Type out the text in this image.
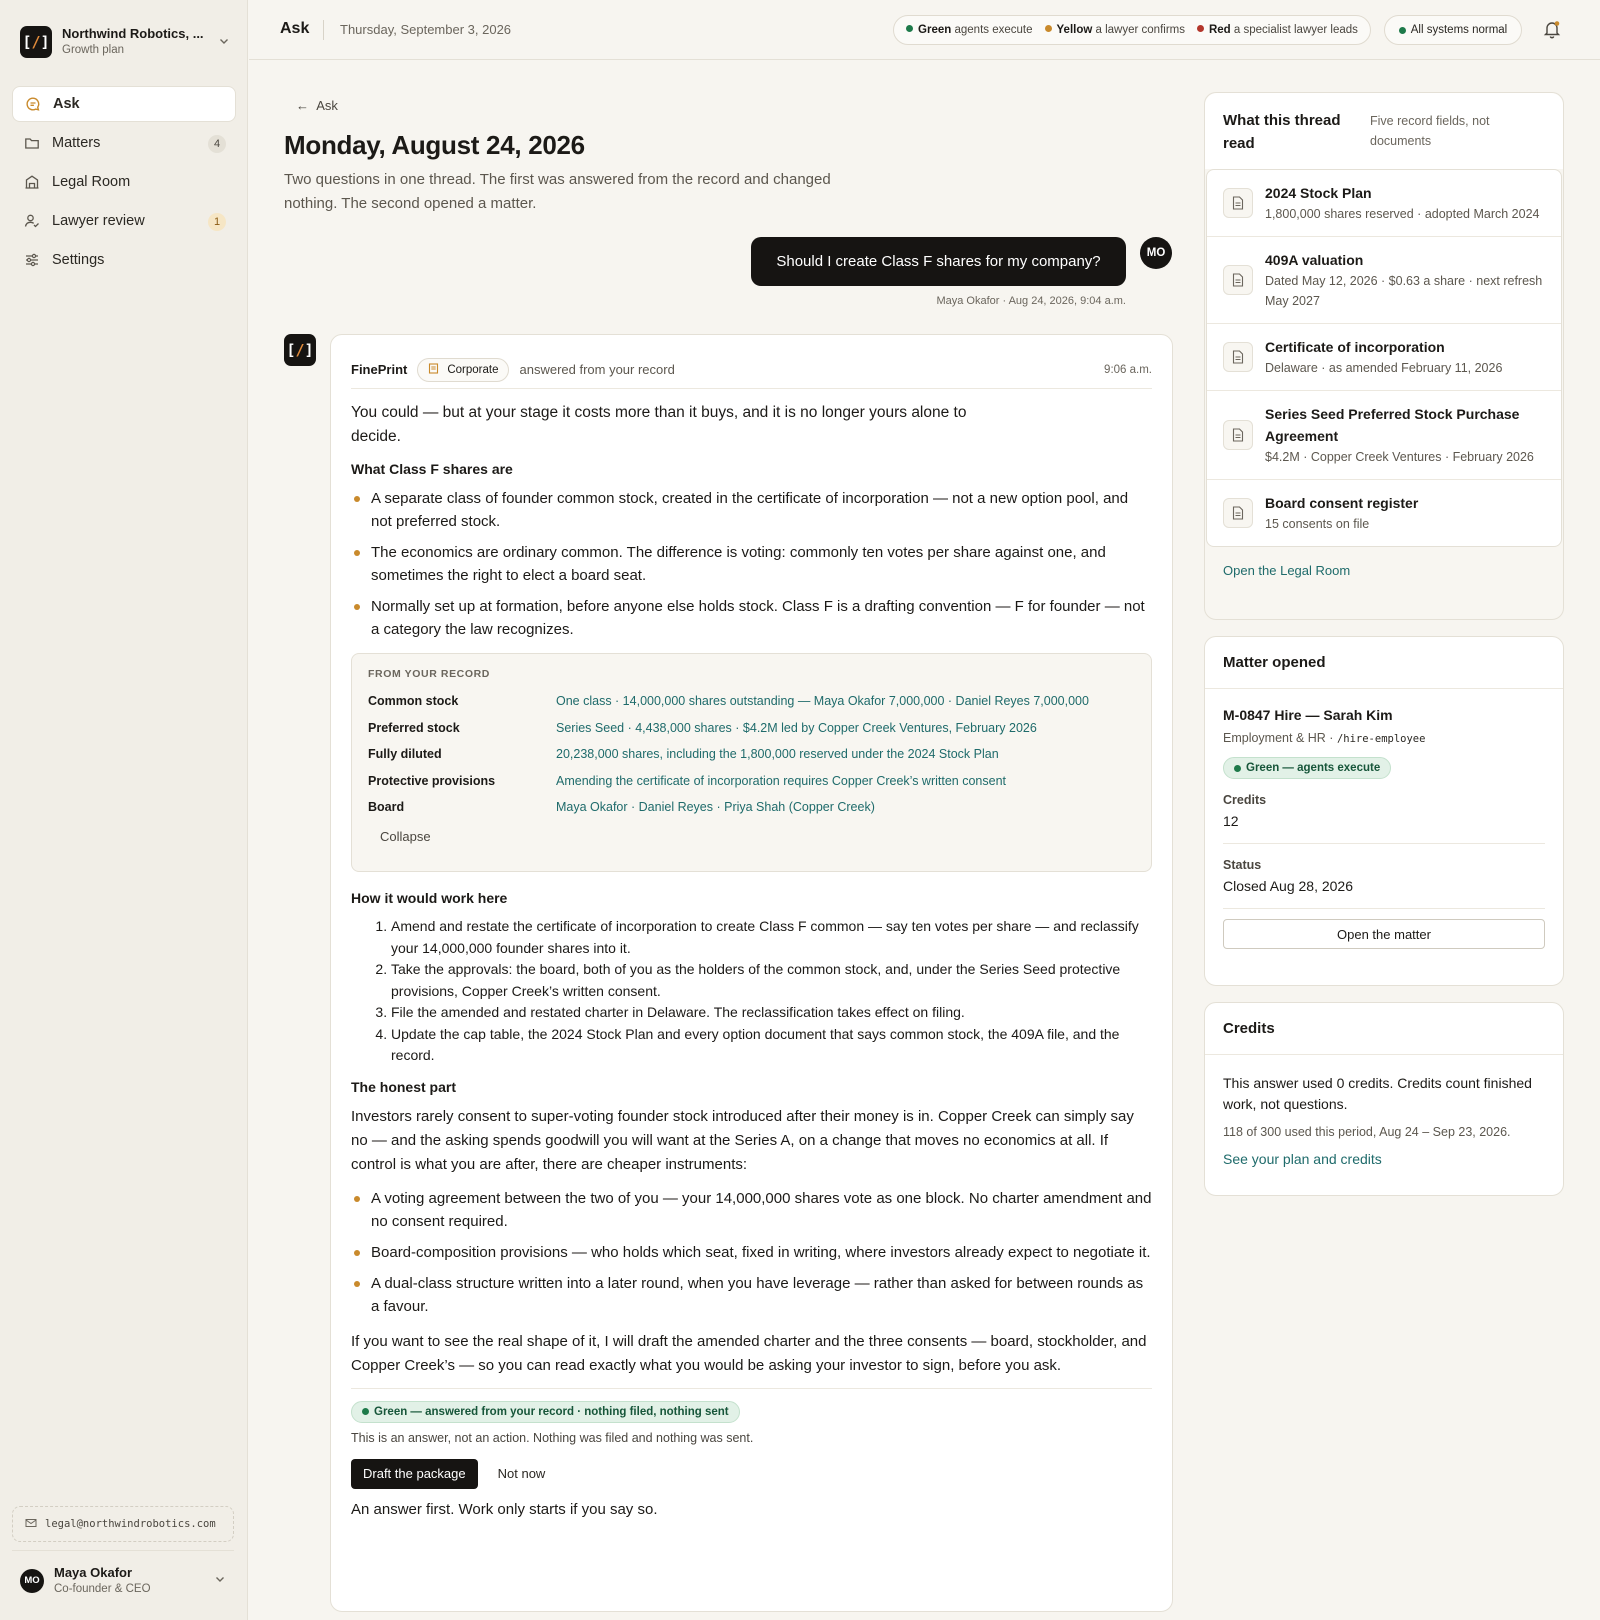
[ / ] Northwind Robotics, ...
Growth plan
Ask
Matters	4
Legal Room
Lawyer review	1
Settings
legal@northwindrobotics.com
MO
Maya Okafor
Co-founder & CEO
Ask Thursday, September 3, 2026	Green agents execute	Yellow a lawyer confirms	Red a specialist lawyer leads	All systems normal
← Ask
Monday, August 24, 2026

Two questions in one thread. The first was answered from the record and changed nothing. The second opened a matter.

Should I create Class F shares for my company?	MO
Maya Okafor · Aug 24, 2026, 9:04 a.m.
[ / ]
FinePrint	Corporate answered from your record	9:06 a.m.

You could — but at your stage it costs more than it buys, and it is no longer yours alone to decide.

What Class F shares are
A separate class of founder common stock, created in the certificate of incorporation — not a new option pool, and not preferred stock.
The economics are ordinary common. The difference is voting: commonly ten votes per share against one, and sometimes the right to elect a board seat.
Normally set up at formation, before anyone else holds stock. Class F is a drafting convention — F for founder — not a category the law recognizes.
FROM YOUR RECORD
Common stock	One class · 14,000,000 shares outstanding — Maya Okafor 7,000,000 · Daniel Reyes 7,000,000
Preferred stock	Series Seed · 4,438,000 shares · $4.2M led by Copper Creek Ventures, February 2026
Fully diluted	20,238,000 shares, including the 1,800,000 reserved under the 2024 Stock Plan
Protective provisions	Amending the certificate of incorporation requires Copper Creek’s written consent
Board	Maya Okafor · Daniel Reyes · Priya Shah (Copper Creek)
Collapse
How it would work here
1. Amend and restate the certificate of incorporation to create Class F common — say ten votes per share — and reclassify your 14,000,000 founder shares into it.
2. Take the approvals: the board, both of you as the holders of the common stock, and, under the Series Seed protective provisions, Copper Creek’s written consent.
3. File the amended and restated charter in Delaware. The reclassification takes effect on filing.
4. Update the cap table, the 2024 Stock Plan and every option document that says common stock, the 409A file, and the record.
The honest part

Investors rarely consent to super-voting founder stock introduced after their money is in. Copper Creek can simply say no — and the asking spends goodwill you will want at the Series A, on a change that moves no economics at all. If control is what you are after, there are cheaper instruments:

A voting agreement between the two of you — your 14,000,000 shares vote as one block. No charter amendment and no consent required.
Board-composition provisions — who holds which seat, fixed in writing, where investors already expect to negotiate it.
A dual-class structure written into a later round, when you have leverage — rather than asked for between rounds as a favour.

If you want to see the real shape of it, I will draft the amended charter and the three consents — board, stockholder, and Copper Creek’s — so you can read exactly what you would be asking your investor to sign, before you ask.

Green — answered from your record · nothing filed, nothing sent
This is an answer, not an action. Nothing was filed and nothing was sent.
Draft the package	Not now
An answer first. Work only starts if you say so.
What this thread read
Five record fields, not documents
2024 Stock Plan
1,800,000 shares reserved · adopted March 2024
409A valuation
Dated May 12, 2026 · $0.63 a share · next refresh May 2027
Certificate of incorporation
Delaware · as amended February 11, 2026
Series Seed Preferred Stock Purchase Agreement
$4.2M · Copper Creek Ventures · February 2026
Board consent register
15 consents on file
Open the Legal Room
Matter opened
M-0847 Hire — Sarah Kim
Employment & HR · /hire-employee
Green — agents execute
Credits
12
Status
Closed Aug 28, 2026
Open the matter
Credits
This answer used 0 credits. Credits count finished work, not questions.
118 of 300 used this period, Aug 24 – Sep 23, 2026.
See your plan and credits
